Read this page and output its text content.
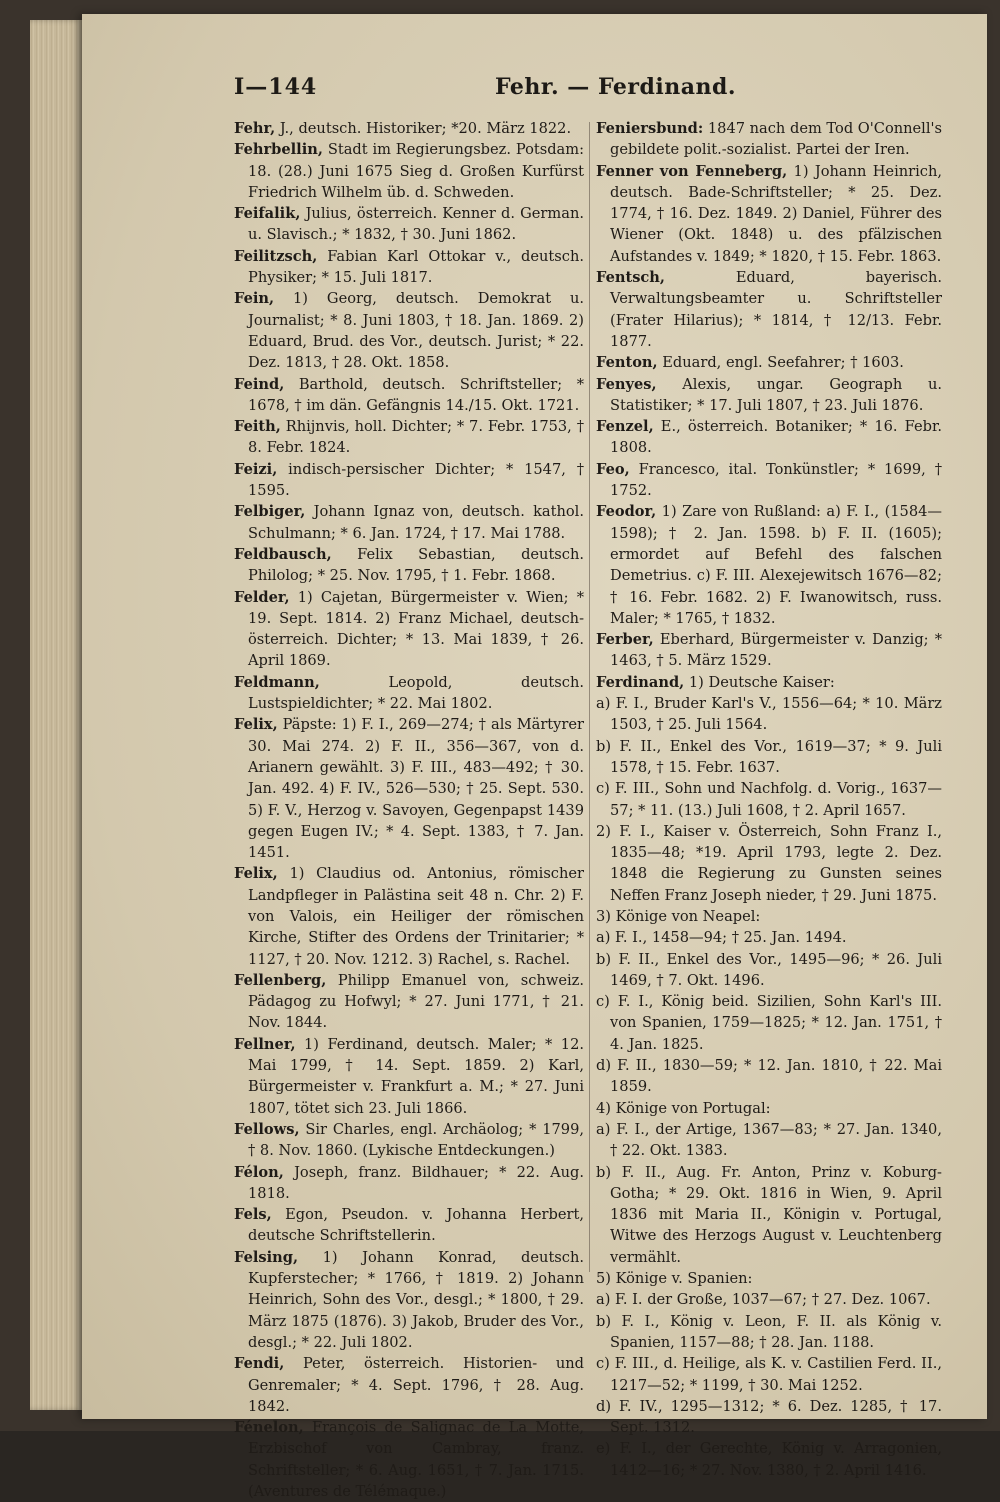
I—144	Fehr. — Ferdinand.

Fehr, J., deutsch. Historiker; *20. März 1822.

Fehrbellin, Stadt im Regierungsbez. Potsdam: 18. (28.) Juni 1675 Sieg d. Großen Kurfürst Friedrich Wilhelm üb. d. Schweden.

Feifalik, Julius, österreich. Kenner d. German. u. Slavisch.; * 1832, † 30. Juni 1862.

Feilitzsch, Fabian Karl Ottokar v., deutsch. Physiker; * 15. Juli 1817.

Fein, 1) Georg, deutsch. Demokrat u. Journalist; * 8. Juni 1803, † 18. Jan. 1869. 2) Eduard, Brud. des Vor., deutsch. Jurist; * 22. Dez. 1813, † 28. Okt. 1858.

Feind, Barthold, deutsch. Schriftsteller; * 1678, † im dän. Gefängnis 14./15. Okt. 1721.

Feith, Rhijnvis, holl. Dichter; * 7. Febr. 1753, † 8. Febr. 1824.

Feizi, indisch-persischer Dichter; * 1547, † 1595.

Felbiger, Johann Ignaz von, deutsch. kathol. Schulmann; * 6. Jan. 1724, † 17. Mai 1788.

Feldbausch, Felix Sebastian, deutsch. Philolog; * 25. Nov. 1795, † 1. Febr. 1868.

Felder, 1) Cajetan, Bürgermeister v. Wien; * 19. Sept. 1814. 2) Franz Michael, deutsch-österreich. Dichter; * 13. Mai 1839, † 26. April 1869.

Feldmann,	Leopold, deutsch. Lustspieldichter; * 22. Mai 1802.

Felix, Päpste: 1) F. I., 269—274; † als Märtyrer 30. Mai 274. 2) F. II., 356—367, von d. Arianern gewählt. 3) F. III., 483—492; † 30. Jan. 492. 4) F. IV., 526—530; † 25. Sept. 530. 5) F. V., Herzog v. Savoyen, Gegenpapst 1439 gegen Eugen IV.; * 4. Sept. 1383, † 7. Jan. 1451.

Felix, 1) Claudius od. Antonius, römischer Landpfleger in Palästina seit 48 n. Chr. 2) F. von Valois, ein Heiliger der römischen Kirche, Stifter des Ordens der Trinitarier; * 1127, † 20. Nov. 1212. 3) Rachel, s. Rachel.

Fellenberg, Philipp Emanuel von, schweiz. Pädagog zu Hofwyl; * 27. Juni 1771, † 21. Nov. 1844.

Fellner, 1) Ferdinand, deutsch. Maler; * 12. Mai 1799, † 14. Sept. 1859. 2) Karl, Bürgermeister v. Frankfurt a. M.; * 27. Juni 1807, tötet sich 23. Juli 1866.

Fellows, Sir Charles, engl. Archäolog; * 1799, † 8. Nov. 1860. (Lykische Entdeckungen.)

Félon, Joseph, franz. Bildhauer; * 22. Aug. 1818.

Fels, Egon, Pseudon. v. Johanna Herbert, deutsche Schriftstellerin.

Felsing, 1) Johann Konrad, deutsch. Kupferstecher; * 1766, † 1819. 2) Johann Heinrich, Sohn des Vor., desgl.; * 1800, † 29. März 1875 (1876). 3) Jakob, Bruder des Vor., desgl.; * 22. Juli 1802.

Fendi, Peter, österreich. Historien- und Genremaler; * 4. Sept. 1796, † 28. Aug. 1842.

Fénelon, François de Salignac de La Motte, Erzbischof von Cambray, franz. Schriftsteller; * 6. Aug. 1651, † 7. Jan. 1715. (Aventures de Télémaque.)

Feniersbund: 1847 nach dem Tod O'Connell's gebildete polit.-sozialist. Partei der Iren.

Fenner von Fenneberg, 1) Johann Heinrich, deutsch. Bade-Schriftsteller; * 25. Dez. 1774, † 16. Dez. 1849. 2) Daniel, Führer des Wiener (Okt. 1848) u. des pfälzischen Aufstandes v. 1849; * 1820, † 15. Febr. 1863.

Fentsch,	Eduard, bayerisch. Verwaltungsbeamter u. Schriftsteller (Frater Hilarius); * 1814, † 12/13. Febr. 1877.

Fenton, Eduard, engl. Seefahrer; † 1603.

Fenyes, Alexis, ungar. Geograph u. Statistiker; * 17. Juli 1807, † 23. Juli 1876.

Fenzel, E., österreich. Botaniker; * 16. Febr. 1808.

Feo, Francesco, ital. Tonkünstler; * 1699, † 1752.

Feodor, 1) Zare von Rußland: a) F. I., (1584—1598); † 2. Jan. 1598. b) F. II. (1605); ermordet auf Befehl des falschen Demetrius. c) F. III. Alexejewitsch 1676—82; † 16. Febr. 1682. 2) F. Iwanowitsch, russ. Maler; * 1765, † 1832.

Ferber, Eberhard, Bürgermeister v. Danzig; * 1463, † 5. März 1529.

Ferdinand, 1) Deutsche Kaiser:

a) F. I., Bruder Karl's V., 1556—64; * 10. März 1503, † 25. Juli 1564.

b) F. II., Enkel des Vor., 1619—37; * 9. Juli 1578, † 15. Febr. 1637.

c) F. III., Sohn und Nachfolg. d. Vorig., 1637—57; * 11. (13.) Juli 1608, † 2. April 1657.

2) F. I., Kaiser v. Österreich, Sohn Franz I., 1835—48; *19. April 1793, legte 2. Dez. 1848 die Regierung zu Gunsten seines Neffen Franz Joseph nieder, † 29. Juni 1875.

3) Könige von Neapel:

a) F. I., 1458—94; † 25. Jan. 1494.

b) F. II., Enkel des Vor., 1495—96; * 26. Juli 1469, † 7. Okt. 1496.

c) F. I., König beid. Sizilien, Sohn Karl's III. von Spanien, 1759—1825; * 12. Jan. 1751, † 4. Jan. 1825.

d) F. II., 1830—59; * 12. Jan. 1810, † 22. Mai 1859.

4) Könige von Portugal:

a) F. I., der Artige, 1367—83; * 27. Jan. 1340, † 22. Okt. 1383.

b) F. II., Aug. Fr. Anton, Prinz v. Koburg-Gotha; * 29. Okt. 1816 in Wien, 9. April 1836 mit Maria II., Königin v. Portugal, Witwe des Herzogs August v. Leuchtenberg vermählt.

5) Könige v. Spanien:

a) F. I. der Große, 1037—67; † 27. Dez. 1067.

b) F. I., König v. Leon, F. II. als König v. Spanien, 1157—88; † 28. Jan. 1188.

c) F. III., d. Heilige, als K. v. Castilien Ferd. II., 1217—52; * 1199, † 30. Mai 1252.

d) F. IV., 1295—1312; * 6. Dez. 1285, † 17. Sept. 1312.

e) F. I., der Gerechte, König v. Arragonien, 1412—16; * 27. Nov. 1380, † 2. April 1416.
